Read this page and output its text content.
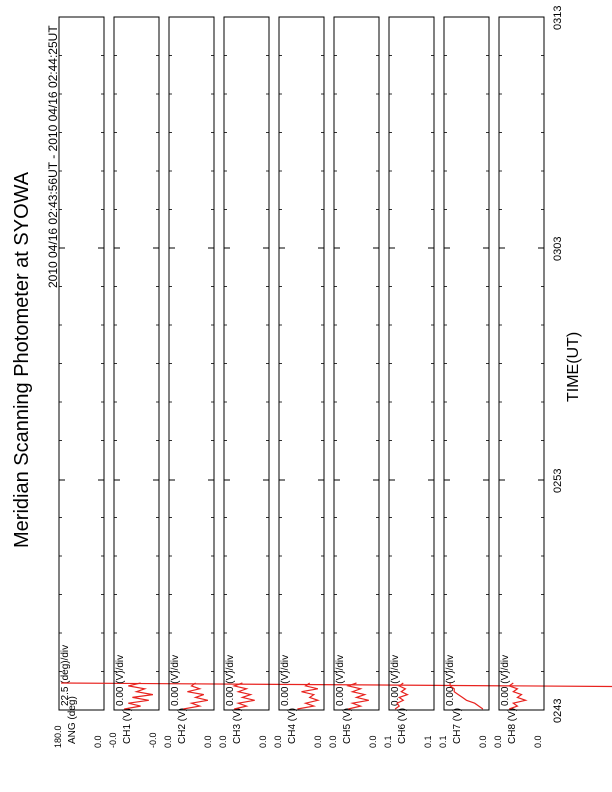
Meridian Scanning Photometer at SYOWA
2010 04/16 02:43:56UT - 2010 04/16 02:44:25UT
TIME(UT)
22.5 (deg)/div
ANG (deg)
180.0	0.0
0.00 (V)/div
CH1 (V)
-0.0	-0.0
0.00 (V)/div
CH2 (V)
0.0	0.0
0.00 (V)/div
CH3 (V)
0.0	0.0
0.00 (V)/div
CH4 (V)
0.0	0.0
0.00 (V)/div
CH5 (V)
0.0	0.0
0.00 (V)/div
CH6 (V)
0.1	0.1
0.00 (V)/div
CH7 (V)
0.1	0.0
0.00 (V)/div
CH8 (V)
0.0	0.0
0243
0253
0303
0313
